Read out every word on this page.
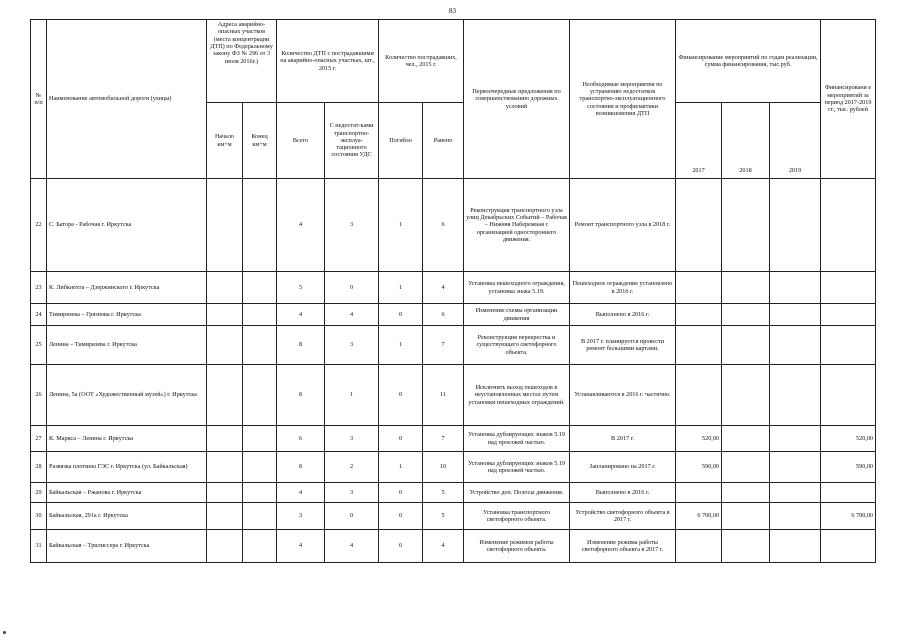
83
№ п/п	Наименование автомобильной дороги (улицы)	Адреса аварийно-опасных участков (места концентрации ДТП) по Федеральному закону ФЗ № 296 от 3 июля 2016г.)		Количество ДТП с пострадавшими на аварийно-опасных участках, шт., 2015 г.		Количество пострадавших, чел., 2015 г.		Первоочередные предложения по совершенствованию дорожных условий	Необходимые мероприятия по устранению недостатков транспортно-эксплуатационного состояния и профилактики возникновения ДТП	Финансирование мероприятий по годам реализации, сумма финансирования, тыс.руб.			Финансировани е мероприятий за период 2017-2019 гг., тыс. рублей
		Начало км+м	Конец км+м	Всего	С недостат-ками транспортно-эксплуа-тационного состояния УДС	Погибло	Ранено			2017	2018	2019	
22	С. Батора - Рабочая г. Иркутска			4	3	1	6	Реконструкция транспортного узла улиц Декабрьских Событий – Рабочая – Нижняя Набережная с организацией одностороннего движения.	Ремонт транспортного узла в 2018 г.				
23	К. Либкнехта – Дзержинского г. Иркутска			5	0	1	4	Установка пешеходного ограждения, установка знака 5.19.	Пешеходное ограждение установлено в 2016 г.				
24	Тимирязева – Грязнова г. Иркутска			4	4	0	6	Изменение схемы организации движения	Выполнено в 2016 г.				
25	Ленина – Тимирязева г. Иркутска			8	3	1	7	Реконструкция перекрестка и существующего светофорного объекта.	В 2017 г. планируется провести ремонт большими картами.				
26	Ленина, 5а (ООТ «Художественный музей») г. Иркутска			8	1	0	11	Исключить выход пешеходов в неустановленных местах путем установки пешеходных ограждений.	Устанавливаются в 2016 г. частично.				
27	К. Маркса – Ленина г. Иркутска			6	3	0	7	Установка дублирующих знаков 5.19 над проезжей частью.	В 2017 г.	520,00			520,00
28	Развязка плотины ГЭС г. Иркутска (ул. Байкальская)			8	2	1	10	Установка дублирующих знаков 5.19 над проезжей частью.	Запланировано на 2017 г.	590,00			590,00
29	Байкальская – Ржанова г. Иркутска			4	3	0	5	Устройство доп. Полосы движения.	Выполнено в 2016 г.				
30	Байкальская, 291а г. Иркутска			3	0	0	5	Установка транспортного светофорного объекта.	Устройство светофорного объекта в 2017 г.	6 700,00			6 700,00
31	Байкальская – Трилиссера г. Иркутска			4	4	0	4	Изменение режимов работы светофорного объекта.	Изменение режима работы светофорного объекта в 2017 г.				
